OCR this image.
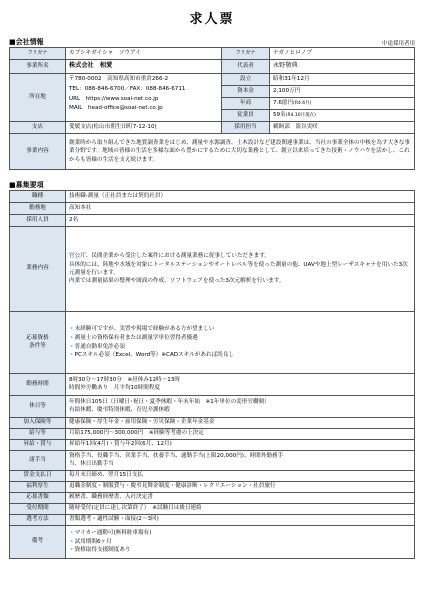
求人票
■会社情報	中途採用者用
フリガナ	カブシキガイシャ　ソウアイ	フリガナ	ナガノヒロノブ
事業所名	株式会社　相愛	代表者	永野敬典
所在地	〒780-0002　高知県高知市重倉266-2
TEL：088-846-6700／FAX：088-846-6711
URL　https://www.soai-net.co.jp
MAIL　head-office@soai-net.co.jp	設立	昭和31年12月
		資本金	2,100万円
		年商	7.6億円(R4.6月)
		従業員	59名(R4.10月現在)
支店	愛媛支店(松山市朝生田町7-12-10)	採用担当	鵜飼部　盗谷実咲
事業内容	創業時から取り組んできた地質調査業をはじめ、測量や水源調査、土木設計など建設関連事業は、当社の事業全体の中核を為す大きな事業分野です。地域の皆様の生活を多様な面から豊かにするために大切な業務として、創立以来培ってきた技術・ノウハウを活かし、これからも皆様の生活を支え続けます。		
■募集要項
職種	技術職-測量（正社員または契約社員）
勤務地	高知本社
採用人員	2名
業務内容	官公庁、民間企業から受注した案件における測量業務に従事していただきます。
具体的には、陸地や水域を対象にトータルステーションやオートレベル等を使った測量の他、UAVや地上型レーザスキャナを用いた3次元測量を行います。
内業では測量結果の整理や図面の作成、ソフトウェアを使った3次元解析を行います。

応募資格
条件等	・未経験可ですが、実習や現場で経験がある方が望ましい
・測量士の資格保有者または測量学単位習得者優遇
・普通自動車免許必須
・PCスキル必須（Excel、Word等）※CADスキルがあれば尚良し

勤務時間	8時30分～17時30分　※昼休み12時～13時
時間外労働あり　月平均10時間程度

休日等	年間休日105日（日曜日･祝日・夏季休暇・年末年始　※1年単位の変形労働制）
有給休暇、慶弔特別休暇、育児介護休暇

加入保険等	健康保険・厚生年金・雇用保険・労災保険・企業年金基金
給与等	月給175,000円～300,000円　※経験等考慮の上決定
昇給・賞与	昇給年1回(4月)・賞与年2回(6月、12月)
諸手当	資格手当、役職手当、営業手当、扶養手当、通勤手当(上限20,000円)、時間外勤務手
当、休日出勤手当

賃金支払日	毎月末日締め、翌月15日支払
福利厚生	退職金制度・制服貸与・慶弔見舞金制度・健康診断・レクリエーション・社員旅行
応募書類	履歴書、職務経歴書、入社決定書
受付期間	随時受付(定員に達し次第終了）　※試験日は後日連絡
選考方法	書類選考・適性試験・面接(2～3回)
備考	・マイカー通勤可(無料駐車場有)
・試用期間6ヶ月
・資格取得支援制度あり
